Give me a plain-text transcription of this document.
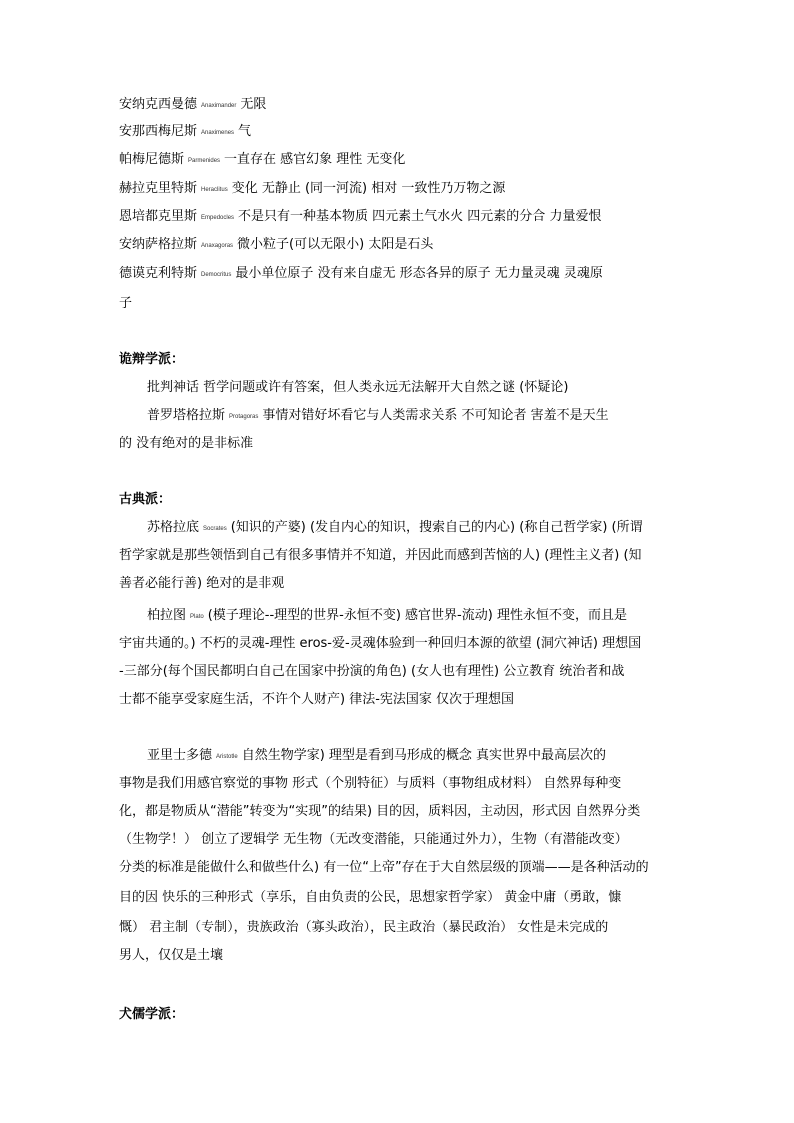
安纳克西曼德 Anaximander 无限
安那西梅尼斯 Anaximenes 气
帕梅尼德斯 Parmenides 一直存在 感官幻象 理性 无变化
赫拉克里特斯 Heraclitus 变化 无静止 (同一河流) 相对 一致性乃万物之源
恩培都克里斯 Empedocles 不是只有一种基本物质 四元素土气水火 四元素的分合 力量爱恨
安纳萨格拉斯 Anaxagoras 微小粒子(可以无限小) 太阳是石头
德谟克利特斯 Democritus 最小单位原子 没有来自虚无 形态各异的原子 无力量灵魂 灵魂原
子
诡辩学派：
批判神话 哲学问题或许有答案，但人类永远无法解开大自然之谜 (怀疑论)
普罗塔格拉斯 Protagoras 事情对错好坏看它与人类需求关系 不可知论者 害羞不是天生
的 没有绝对的是非标准
古典派：
苏格拉底 Socrates (知识的产婆) (发自内心的知识，搜索自己的内心) (称自己哲学家) (所谓
哲学家就是那些领悟到自己有很多事情并不知道，并因此而感到苦恼的人) (理性主义者) (知
善者必能行善) 绝对的是非观
柏拉图 Plato (模子理论--理型的世界-永恒不变) 感官世界-流动) 理性永恒不变，而且是
宇宙共通的。) 不朽的灵魂-理性 eros-爱-灵魂体验到一种回归本源的欲望 (洞穴神话) 理想国
-三部分(每个国民都明白自己在国家中扮演的角色) (女人也有理性) 公立教育 统治者和战
士都不能享受家庭生活，不许个人财产) 律法-宪法国家 仅次于理想国
亚里士多德 Aristotle 自然生物学家) 理型是看到马形成的概念 真实世界中最高层次的
事物是我们用感官察觉的事物 形式（个别特征）与质料（事物组成材料） 自然界每种变
化，都是物质从“潜能”转变为“实现”的结果) 目的因，质料因，主动因，形式因 自然界分类
（生物学！） 创立了逻辑学 无生物（无改变潜能，只能通过外力），生物（有潜能改变）
分类的标准是能做什么和做些什么) 有一位“上帝”存在于大自然层级的顶端——是各种活动的
目的因 快乐的三种形式（享乐，自由负责的公民，思想家哲学家） 黄金中庸（勇敢，慷
慨） 君主制（专制），贵族政治（寡头政治），民主政治（暴民政治） 女性是未完成的
男人，仅仅是土壤
犬儒学派：
